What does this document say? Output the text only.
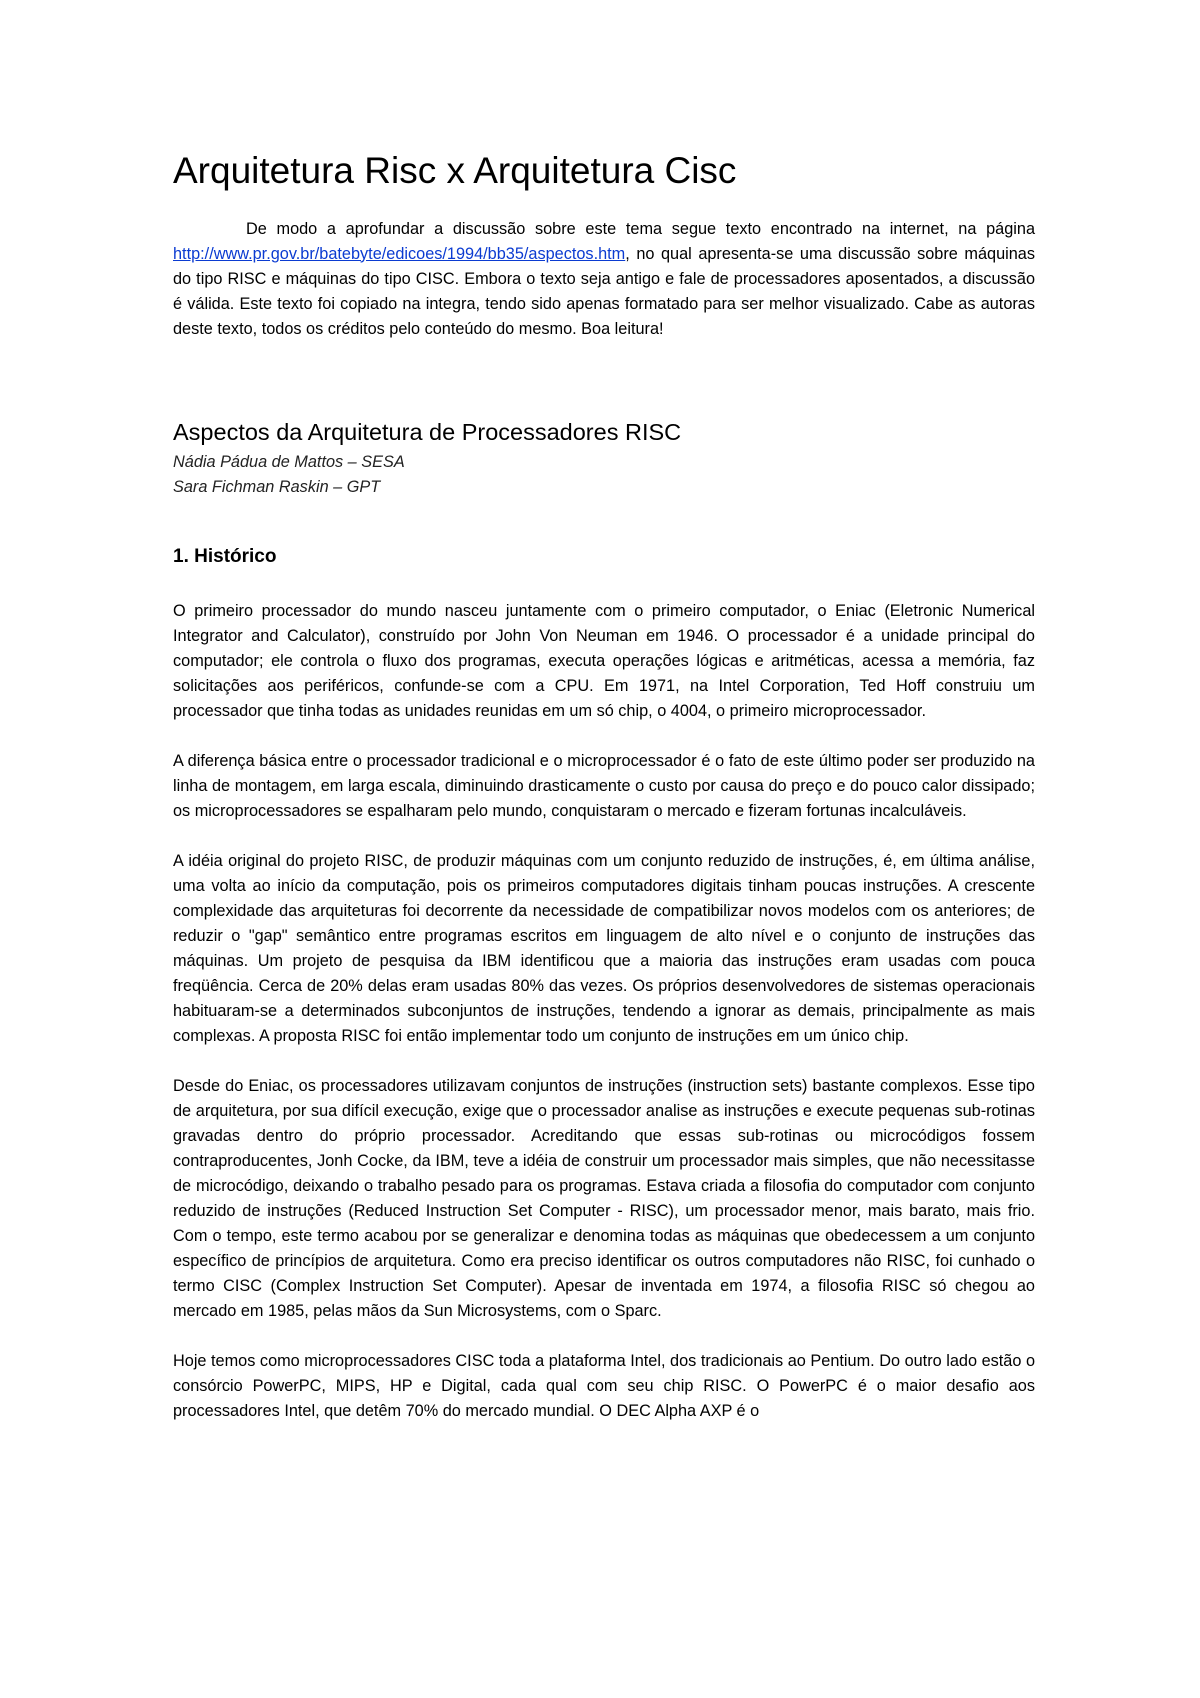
Arquitetura Risc x Arquitetura Cisc

De modo a aprofundar a discussão sobre este tema segue texto encontrado na internet, na página http://www.pr.gov.br/batebyte/edicoes/1994/bb35/aspectos.htm, no qual apresenta-se uma discussão sobre máquinas do tipo RISC e máquinas do tipo CISC. Embora o texto seja antigo e fale de processadores aposentados, a discussão é válida. Este texto foi copiado na integra, tendo sido apenas formatado para ser melhor visualizado. Cabe as autoras deste texto, todos os créditos pelo conteúdo do mesmo. Boa leitura!

Aspectos da Arquitetura de Processadores RISC
Nádia Pádua de Mattos – SESA
Sara Fichman Raskin – GPT
1. Histórico

O primeiro processador do mundo nasceu juntamente com o primeiro computador, o Eniac (Eletronic Numerical Integrator and Calculator), construído por John Von Neuman em 1946. O processador é a unidade principal do computador; ele controla o fluxo dos programas, executa operações lógicas e aritméticas, acessa a memória, faz solicitações aos periféricos, confunde-se com a CPU. Em 1971, na Intel Corporation, Ted Hoff construiu um processador que tinha todas as unidades reunidas em um só chip, o 4004, o primeiro microprocessador.

A diferença básica entre o processador tradicional e o microprocessador é o fato de este último poder ser produzido na linha de montagem, em larga escala, diminuindo drasticamente o custo por causa do preço e do pouco calor dissipado; os microprocessadores se espalharam pelo mundo, conquistaram o mercado e fizeram fortunas incalculáveis.

A idéia original do projeto RISC, de produzir máquinas com um conjunto reduzido de instruções, é, em última análise, uma volta ao início da computação, pois os primeiros computadores digitais tinham poucas instruções. A crescente complexidade das arquiteturas foi decorrente da necessidade de compatibilizar novos modelos com os anteriores; de reduzir o "gap" semântico entre programas escritos em linguagem de alto nível e o conjunto de instruções das máquinas. Um projeto de pesquisa da IBM identificou que a maioria das instruções eram usadas com pouca freqüência. Cerca de 20% delas eram usadas 80% das vezes. Os próprios desenvolvedores de sistemas operacionais habituaram-se a determinados subconjuntos de instruções, tendendo a ignorar as demais, principalmente as mais complexas. A proposta RISC foi então implementar todo um conjunto de instruções em um único chip.

Desde do Eniac, os processadores utilizavam conjuntos de instruções (instruction sets) bastante complexos. Esse tipo de arquitetura, por sua difícil execução, exige que o processador analise as instruções e execute pequenas sub-rotinas gravadas dentro do próprio processador. Acreditando que essas sub-rotinas ou microcódigos fossem contraproducentes, Jonh Cocke, da IBM, teve a idéia de construir um processador mais simples, que não necessitasse de microcódigo, deixando o trabalho pesado para os programas. Estava criada a filosofia do computador com conjunto reduzido de instruções (Reduced Instruction Set Computer - RISC), um processador menor, mais barato, mais frio. Com o tempo, este termo acabou por se generalizar e denomina todas as máquinas que obedecessem a um conjunto específico de princípios de arquitetura. Como era preciso identificar os outros computadores não RISC, foi cunhado o termo CISC (Complex Instruction Set Computer). Apesar de inventada em 1974, a filosofia RISC só chegou ao mercado em 1985, pelas mãos da Sun Microsystems, com o Sparc.

Hoje temos como microprocessadores CISC toda a plataforma Intel, dos tradicionais ao Pentium. Do outro lado estão o consórcio PowerPC, MIPS, HP e Digital, cada qual com seu chip RISC. O PowerPC é o maior desafio aos processadores Intel, que detêm 70% do mercado mundial. O DEC Alpha AXP é o
